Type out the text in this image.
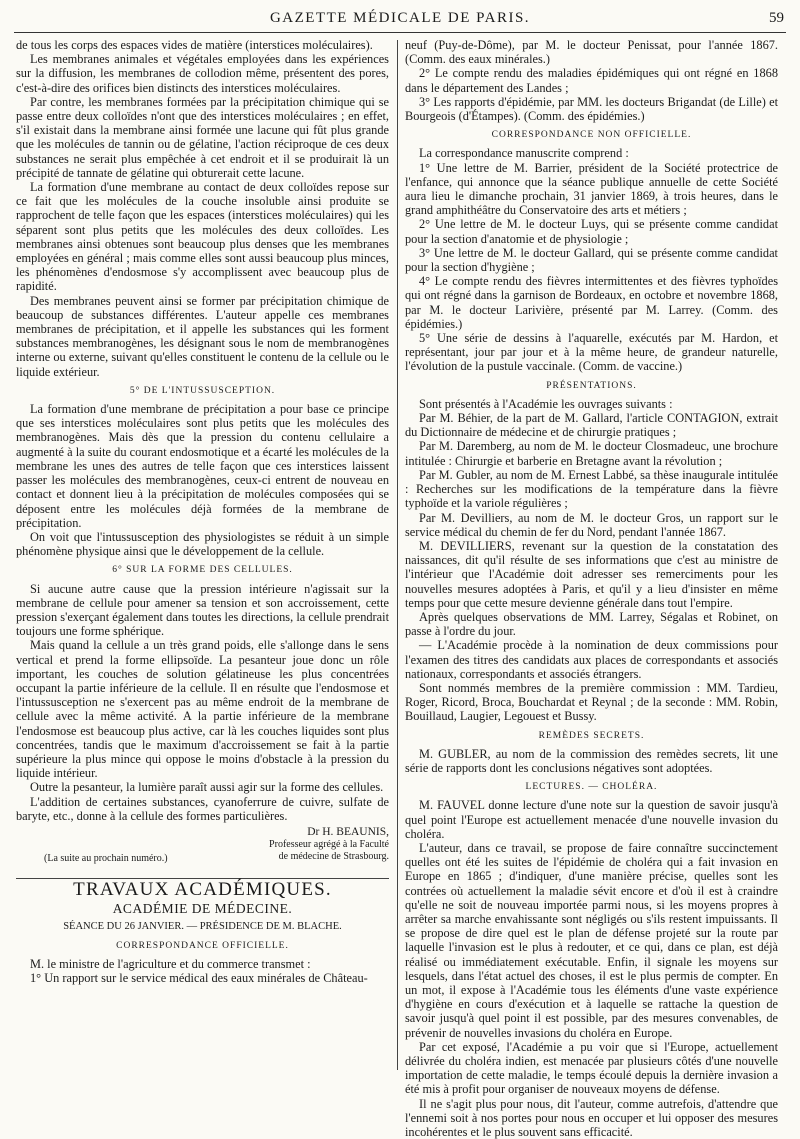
GAZETTE MÉDICALE DE PARIS.	59

de tous les corps des espaces vides de matière (interstices moléculaires).

Les membranes animales et végétales employées dans les expériences sur la diffusion, les membranes de collodion même, présentent des pores, c'est-à-dire des orifices bien distincts des interstices moléculaires.

Par contre, les membranes formées par la précipitation chimique qui se passe entre deux colloïdes n'ont que des interstices moléculaires ; en effet, s'il existait dans la membrane ainsi formée une lacune qui fût plus grande que les molécules de tannin ou de gélatine, l'action réciproque de ces deux substances ne serait plus empêchée à cet endroit et il se produirait là un précipité de tannate de gélatine qui obturerait cette lacune.

La formation d'une membrane au contact de deux colloïdes repose sur ce fait que les molécules de la couche insoluble ainsi produite se rapprochent de telle façon que les espaces (interstices moléculaires) qui les séparent sont plus petits que les molécules des deux colloïdes. Les membranes ainsi obtenues sont beaucoup plus denses que les membranes employées en général ; mais comme elles sont aussi beaucoup plus minces, les phénomènes d'endosmose s'y accomplissent avec beaucoup plus de rapidité.

Des membranes peuvent ainsi se former par précipitation chimique de beaucoup de substances différentes. L'auteur appelle ces membranes membranes de précipitation, et il appelle les substances qui les forment substances membranogènes, les désignant sous le nom de membranogènes interne ou externe, suivant qu'elles constituent le contenu de la cellule ou le liquide extérieur.

5° DE L'INTUSSUSCEPTION.

La formation d'une membrane de précipitation a pour base ce principe que ses interstices moléculaires sont plus petits que les molécules des membranogènes. Mais dès que la pression du contenu cellulaire a augmenté à la suite du courant endosmotique et a écarté les molécules de la membrane les unes des autres de telle façon que ces interstices laissent passer les molécules des membranogènes, ceux-ci entrent de nouveau en contact et donnent lieu à la précipitation de molécules composées qui se déposent entre les molécules déjà formées de la membrane de précipitation.

On voit que l'intussusception des physiologistes se réduit à un simple phénomène physique ainsi que le développement de la cellule.

6° SUR LA FORME DES CELLULES.

Si aucune autre cause que la pression intérieure n'agissait sur la membrane de cellule pour amener sa tension et son accroissement, cette pression s'exerçant également dans toutes les directions, la cellule prendrait toujours une forme sphérique.

Mais quand la cellule a un très grand poids, elle s'allonge dans le sens vertical et prend la forme ellipsoïde. La pesanteur joue donc un rôle important, les couches de solution gélatineuse les plus concentrées occupant la partie inférieure de la cellule. Il en résulte que l'endosmose et l'intussusception ne s'exercent pas au même endroit de la membrane de cellule avec la même activité. A la partie inférieure de la membrane l'endosmose est beaucoup plus active, car là les couches liquides sont plus concentrées, tandis que le maximum d'accroissement se fait à la partie supérieure la plus mince qui oppose le moins d'obstacle à la pression du liquide intérieur.

Outre la pesanteur, la lumière paraît aussi agir sur la forme des cellules.

L'addition de certaines substances, cyanoferrure de cuivre, sulfate de baryte, etc., donne à la cellule des formes particulières.

Dr H. BEAUNIS,

Professeur agrégé à la Faculté

de médecine de Strasbourg.

(La suite au prochain numéro.)

TRAVAUX ACADÉMIQUES.
ACADÉMIE DE MÉDECINE.
SÉANCE DU 26 JANVIER. — PRÉSIDENCE DE M. BLACHE.
CORRESPONDANCE OFFICIELLE.

M. le ministre de l'agriculture et du commerce transmet :

1° Un rapport sur le service médical des eaux minérales de Château-

neuf (Puy-de-Dôme), par M. le docteur Penissat, pour l'année 1867. (Comm. des eaux minérales.)

2° Le compte rendu des maladies épidémiques qui ont régné en 1868 dans le département des Landes ;

3° Les rapports d'épidémie, par MM. les docteurs Brigandat (de Lille) et Bourgeois (d'Étampes). (Comm. des épidémies.)

CORRESPONDANCE NON OFFICIELLE.

La correspondance manuscrite comprend :

1° Une lettre de M. Barrier, président de la Société protectrice de l'enfance, qui annonce que la séance publique annuelle de cette Société aura lieu le dimanche prochain, 31 janvier 1869, à trois heures, dans le grand amphithéâtre du Conservatoire des arts et métiers ;

2° Une lettre de M. le docteur Luys, qui se présente comme candidat pour la section d'anatomie et de physiologie ;

3° Une lettre de M. le docteur Gallard, qui se présente comme candidat pour la section d'hygiène ;

4° Le compte rendu des fièvres intermittentes et des fièvres typhoïdes qui ont régné dans la garnison de Bordeaux, en octobre et novembre 1868, par M. le docteur Larivière, présenté par M. Larrey. (Comm. des épidémies.)

5° Une série de dessins à l'aquarelle, exécutés par M. Hardon, et représentant, jour par jour et à la même heure, de grandeur naturelle, l'évolution de la pustule vaccinale. (Comm. de vaccine.)

PRÉSENTATIONS.

Sont présentés à l'Académie les ouvrages suivants :

Par M. Béhier, de la part de M. Gallard, l'article CONTAGION, extrait du Dictionnaire de médecine et de chirurgie pratiques ;

Par M. Daremberg, au nom de M. le docteur Closmadeuc, une brochure intitulée : Chirurgie et barberie en Bretagne avant la révolution ;

Par M. Gubler, au nom de M. Ernest Labbé, sa thèse inaugurale intitulée : Recherches sur les modifications de la température dans la fièvre typhoïde et la variole régulières ;

Par M. Devilliers, au nom de M. le docteur Gros, un rapport sur le service médical du chemin de fer du Nord, pendant l'année 1867.

M. DEVILLIERS, revenant sur la question de la constatation des naissances, dit qu'il résulte de ses informations que c'est au ministre de l'intérieur que l'Académie doit adresser ses remerciments pour les nouvelles mesures adoptées à Paris, et qu'il y a lieu d'insister en même temps pour que cette mesure devienne générale dans tout l'empire.

Après quelques observations de MM. Larrey, Ségalas et Robinet, on passe à l'ordre du jour.

— L'Académie procède à la nomination de deux commissions pour l'examen des titres des candidats aux places de correspondants et associés nationaux, correspondants et associés étrangers.

Sont nommés membres de la première commission : MM. Tardieu, Roger, Ricord, Broca, Bouchardat et Reynal ; de la seconde : MM. Robin, Bouillaud, Laugier, Legouest et Bussy.

REMÈDES SECRETS.

M. GUBLER, au nom de la commission des remèdes secrets, lit une série de rapports dont les conclusions négatives sont adoptées.

LECTURES. — CHOLÉRA.

M. FAUVEL donne lecture d'une note sur la question de savoir jusqu'à quel point l'Europe est actuellement menacée d'une nouvelle invasion du choléra.

L'auteur, dans ce travail, se propose de faire connaître succinctement quelles ont été les suites de l'épidémie de choléra qui a fait invasion en Europe en 1865 ; d'indiquer, d'une manière précise, quelles sont les contrées où actuellement la maladie sévit encore et d'où il est à craindre qu'elle ne soit de nouveau importée parmi nous, si les moyens propres à arrêter sa marche envahissante sont négligés ou s'ils restent impuissants. Il se propose de dire quel est le plan de défense projeté sur la route par laquelle l'invasion est le plus à redouter, et ce qui, dans ce plan, est déjà réalisé ou immédiatement exécutable. Enfin, il signale les moyens sur lesquels, dans l'état actuel des choses, il est le plus permis de compter. En un mot, il expose à l'Académie tous les éléments d'une vaste expérience d'hygiène en cours d'exécution et à laquelle se rattache la question de savoir jusqu'à quel point il est possible, par des mesures convenables, de prévenir de nouvelles invasions du choléra en Europe.

Par cet exposé, l'Académie a pu voir que si l'Europe, actuellement délivrée du choléra indien, est menacée par plusieurs côtés d'une nouvelle importation de cette maladie, le temps écoulé depuis la dernière invasion a été mis à profit pour organiser de nouveaux moyens de défense.

Il ne s'agit plus pour nous, dit l'auteur, comme autrefois, d'attendre que l'ennemi soit à nos portes pour nous en occuper et lui opposer des mesures incohérentes et le plus souvent sans efficacité.
